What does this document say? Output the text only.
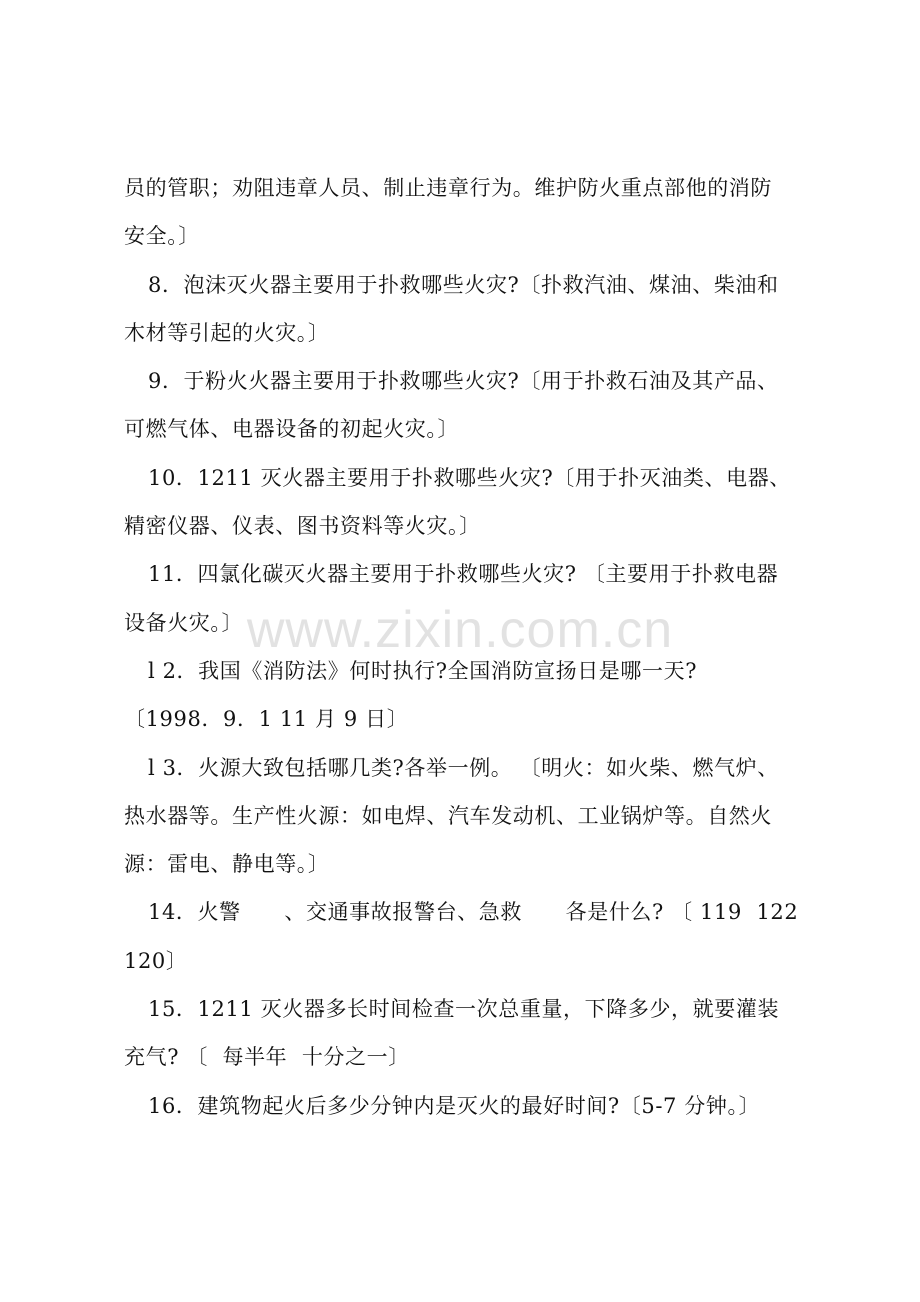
www.zixin.com.cn
员的管职；劝阻违章人员、制止违章行为。维护防火重点部他的消防
安全。〕
8．泡沫灭火器主要用于扑救哪些火灾?〔扑救汽油、煤油、柴油和
木材等引起的火灾。〕
9．于粉火火器主要用于扑救哪些火灾?〔用于扑救石油及其产品、
可燃气体、电器设备的初起火灾。〕
10．1211 灭火器主要用于扑救哪些火灾?〔用于扑灭油类、电器、
精密仪器、仪表、图书资料等火灾。〕
11．四氯化碳灭火器主要用于扑救哪些火灾? 〔主要用于扑救电器
设备火灾。〕
l 2．我国《消防法》何时执行?全国消防宣扬日是哪一天?
〔1998．9．1 11 月 9 日〕
l 3．火源大致包括哪几类?各举一例。 〔明火：如火柴、燃气炉、
热水器等。生产性火源：如电焊、汽车发动机、工业锅炉等。自然火
源：雷电、静电等。〕
14．火警      、交通事故报警台、急救      各是什么? 〔 119  122
120〕
15．1211 灭火器多长时间检查一次总重量，下降多少，就要灌装
充气? 〔  每半年  十分之一〕
16．建筑物起火后多少分钟内是灭火的最好时间?〔5-7 分钟。〕
